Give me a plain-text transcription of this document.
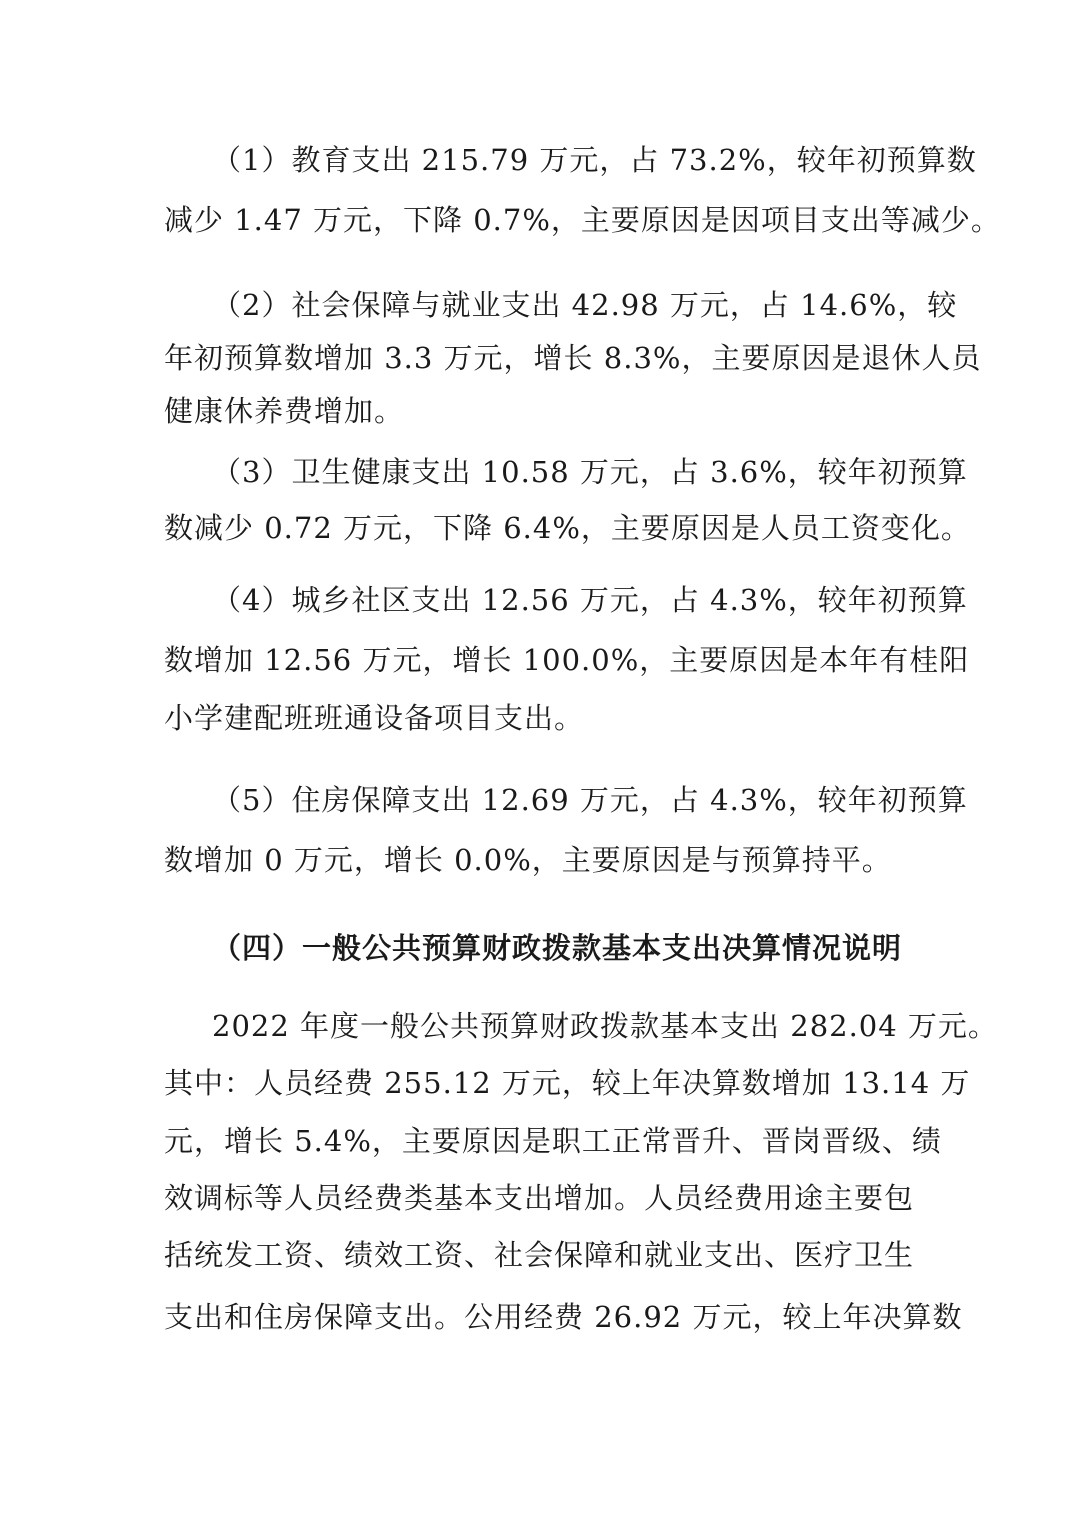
（1）教育支出 215.79 万元，占 73.2%，较年初预算数
减少 1.47 万元，下降 0.7%，主要原因是因项目支出等减少。
（2）社会保障与就业支出 42.98 万元，占 14.6%，较
年初预算数增加 3.3 万元，增长 8.3%，主要原因是退休人员
健康休养费增加。
（3）卫生健康支出 10.58 万元，占 3.6%，较年初预算
数减少 0.72 万元，下降 6.4%，主要原因是人员工资变化。
（4）城乡社区支出 12.56 万元，占 4.3%，较年初预算
数增加 12.56 万元，增长 100.0%，主要原因是本年有桂阳
小学建配班班通设备项目支出。
（5）住房保障支出 12.69 万元，占 4.3%，较年初预算
数增加 0 万元，增长 0.0%，主要原因是与预算持平。
（四）一般公共预算财政拨款基本支出决算情况说明
2022 年度一般公共预算财政拨款基本支出 282.04 万元。
其中：人员经费 255.12 万元，较上年决算数增加 13.14 万
元，增长 5.4%，主要原因是职工正常晋升、晋岗晋级、绩
效调标等人员经费类基本支出增加。人员经费用途主要包
括统发工资、绩效工资、社会保障和就业支出、医疗卫生
支出和住房保障支出。公用经费 26.92 万元，较上年决算数
